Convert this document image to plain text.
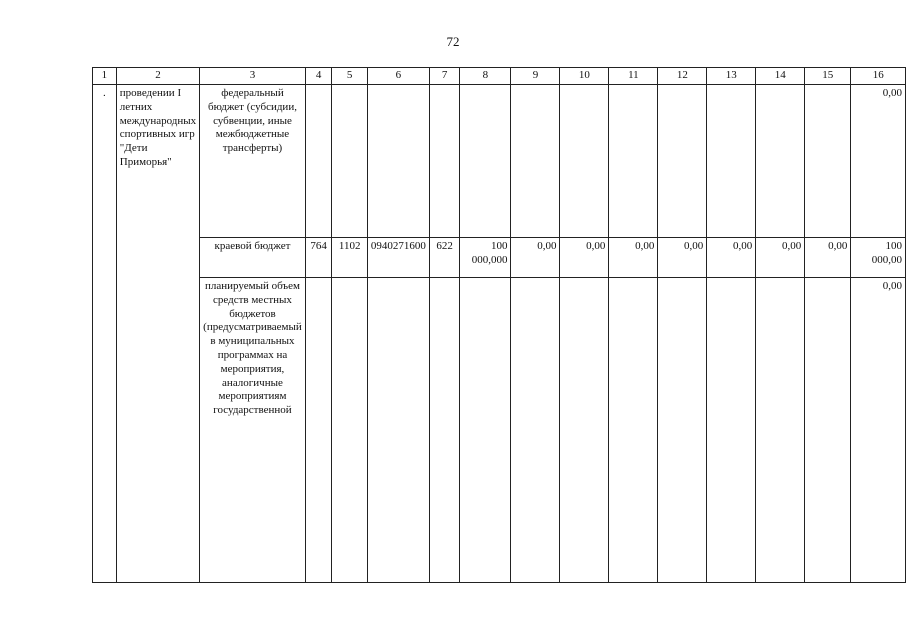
72
1	2	3	4	5	6	7	8	9	10	11	12	13	14	15	16
.	проведении I летних международных спортивных игр "Дети Приморья"	федеральный бюджет (субсидии, субвенции, иные межбюджетные трансферты)													0,00
		краевой бюджет	764	1102	0940271600	622	100 000,000	0,00	0,00	0,00	0,00	0,00	0,00	0,00	100 000,00
		планируемый объем средств местных бюджетов (предусматриваемый в муниципальных программах на мероприятия, аналогичные мероприятиям государственной													0,00
